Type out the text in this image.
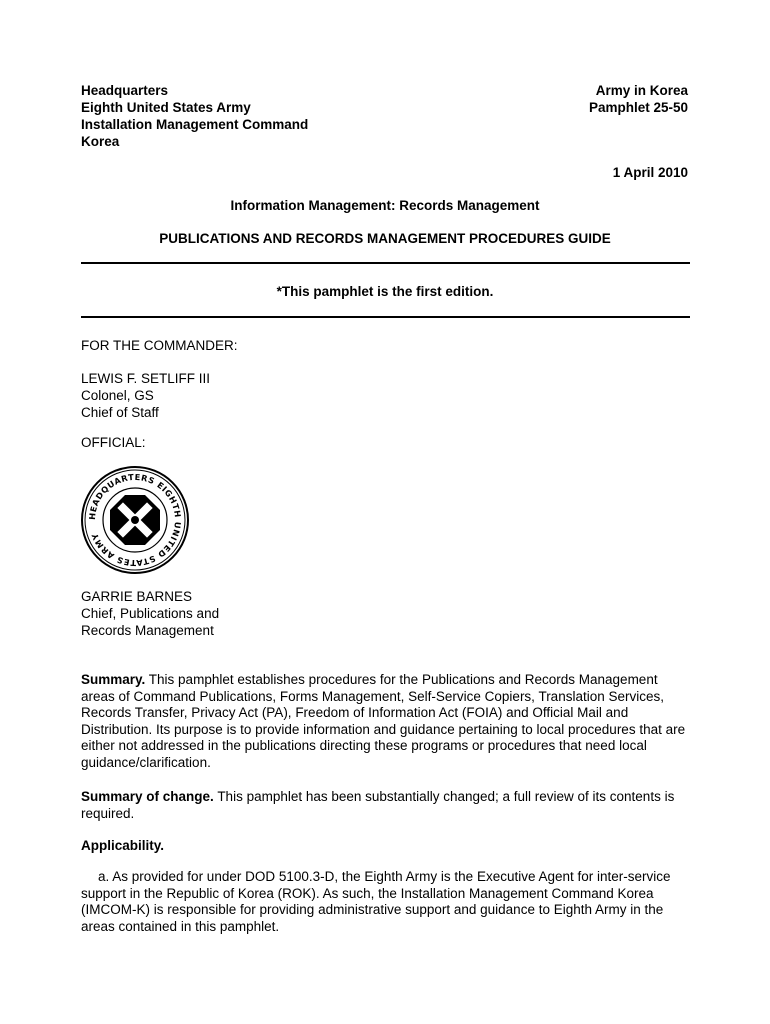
Headquarters
Eighth United States Army
Installation Management Command
Korea
Army in Korea
Pamphlet 25-50
1 April 2010
Information Management: Records Management
PUBLICATIONS AND RECORDS MANAGEMENT PROCEDURES GUIDE
*This pamphlet is the first edition.
FOR THE COMMANDER:
LEWIS F. SETLIFF III
Colonel, GS
Chief of Staff
OFFICIAL:
HEADQUARTERS EIGHTH UNITED STATES ARMY
GARRIE BARNES
Chief, Publications and
Records Management
Summary. This pamphlet establishes procedures for the Publications and Records Management areas of Command Publications, Forms Management, Self-Service Copiers, Translation Services, Records Transfer, Privacy Act (PA), Freedom of Information Act (FOIA) and Official Mail and Distribution. Its purpose is to provide information and guidance pertaining to local procedures that are either not addressed in the publications directing these programs or procedures that need local guidance/clarification.
Summary of change. This pamphlet has been substantially changed; a full review of its contents is required.
Applicability.
a. As provided for under DOD 5100.3-D, the Eighth Army is the Executive Agent for inter-service support in the Republic of Korea (ROK). As such, the Installation Management Command Korea (IMCOM-K) is responsible for providing administrative support and guidance to Eighth Army in the areas contained in this pamphlet.
